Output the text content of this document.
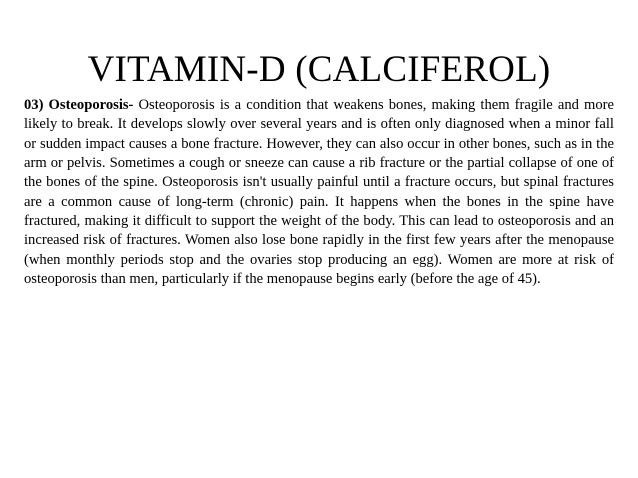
VITAMIN-D (CALCIFEROL)

03) Osteoporosis- Osteoporosis is a condition that weakens bones, making them fragile and more likely to break. It develops slowly over several years and is often only diagnosed when a minor fall or sudden impact causes a bone fracture. However, they can also occur in other bones, such as in the arm or pelvis. Sometimes a cough or sneeze can cause a rib fracture or the partial collapse of one of the bones of the spine. Osteoporosis isn't usually painful until a fracture occurs, but spinal fractures are a common cause of long-term (chronic) pain. It happens when the bones in the spine have fractured, making it difficult to support the weight of the body. This can lead to osteoporosis and an increased risk of fractures. Women also lose bone rapidly in the first few years after the menopause (when monthly periods stop and the ovaries stop producing an egg). Women are more at risk of osteoporosis than men, particularly if the menopause begins early (before the age of 45).
